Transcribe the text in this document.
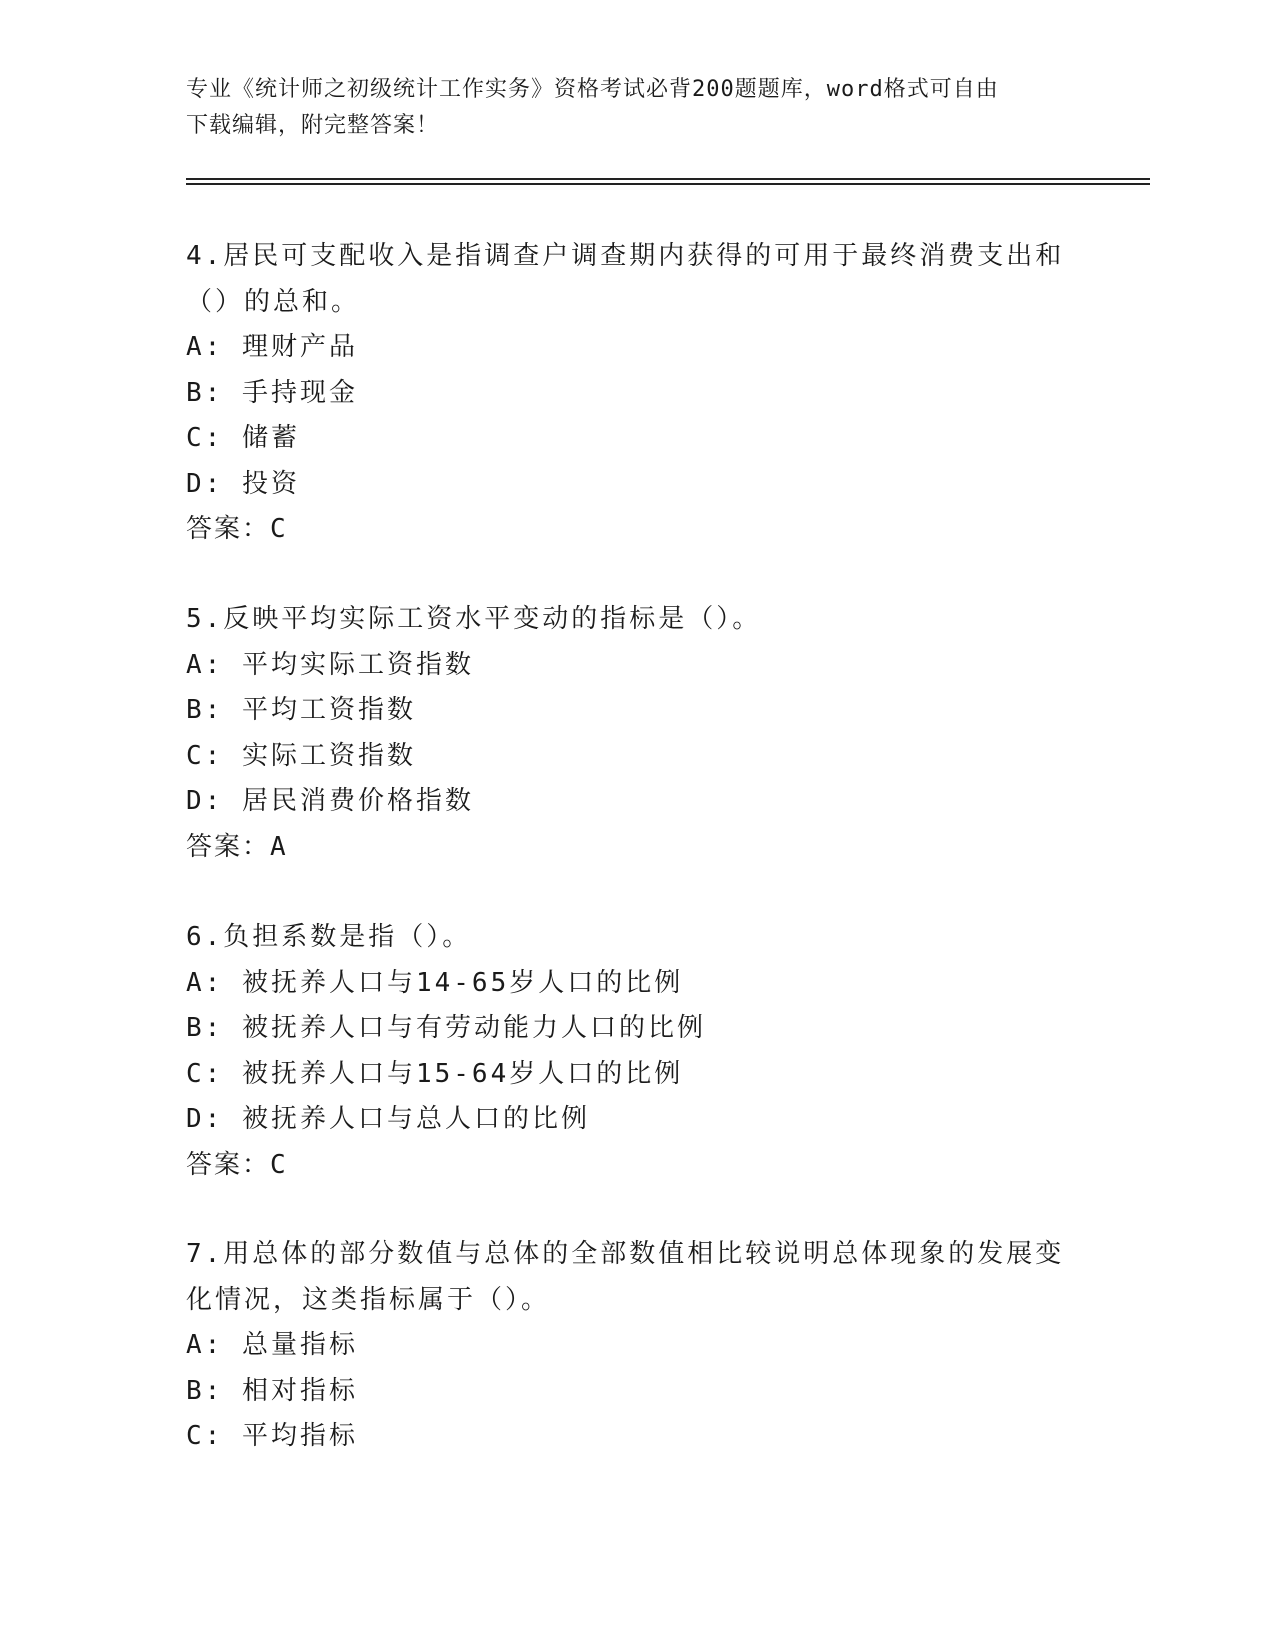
专业《统计师之初级统计工作实务》资格考试必背200题题库，word格式可自由
下载编辑，附完整答案！
4.居民可支配收入是指调查户调查期内获得的可用于最终消费支出和
（）的总和。
A: 理财产品
B: 手持现金
C: 储蓄
D: 投资
答案：C
5.反映平均实际工资水平变动的指标是（）。
A: 平均实际工资指数
B: 平均工资指数
C: 实际工资指数
D: 居民消费价格指数
答案：A
6.负担系数是指（）。
A: 被抚养人口与14-65岁人口的比例
B: 被抚养人口与有劳动能力人口的比例
C: 被抚养人口与15-64岁人口的比例
D: 被抚养人口与总人口的比例
答案：C
7.用总体的部分数值与总体的全部数值相比较说明总体现象的发展变
化情况，这类指标属于（）。
A: 总量指标
B: 相对指标
C: 平均指标
